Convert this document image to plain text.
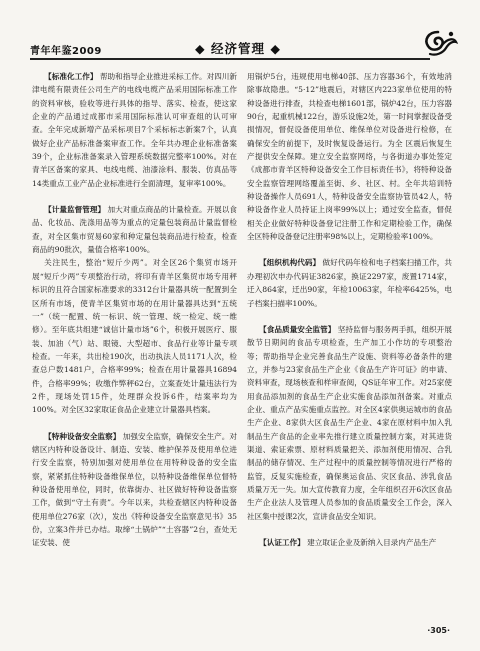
青年年鉴2009	◆ 经济管理 ◆

【标准化工作】 帮助和指导企业推进采标工作。对四川新津电缆有限责任公司生产的电线电缆产品采用国际标准工作的资料审核，验收等进行具体的指导、落实、检查，使这家企业的产品通过成都市采用国际标准认可审查组的认可审查。全年完成新增产品采标项目7个采标标志新案7个，认真做好企业产品标准备案审查工作。全年共办理企业标准备案39个，企业标准备案录入管理系统数据完整率100%。对在青羊区备案的家具、电线电缆、油漆涂料、服装、仿真品等14类重点工业产品企业标准进行全面清理，复审率100%。

【计量监督管理】 加大对重点商品的计量检查。开展以食品、化妆品、洗涤用品等为重点的定量包装商品计量监督检查，对全区集市贸易60家和种定量包装商品进行检查，检查商品的90批次，量值合格率100%。

关注民生，整治“短斤少两”。对全区26个集贸市场开展“短斤少两”专项整治行动，将印有青羊区集贸市场专用秤标识的且符合国家标准要求的3312台计量器具统一配置到全区所有市场，使青羊区集贸市场的在用计量器具达到“五统一”（统一配置、统一标识、统一管理、统一检定、统一维修）。至年底共组建“诚信计量市场”6个，积极开展医疗、服装、加油（气）站、眼镜、大型超市、食品行业等计量专项检查。一年来，共出检190次，出动执法人员1171人次，检查总户数1481户，合格率99%；检查在用计量器具16894件，合格率99%；收缴作弊秤62台，立案查处计量违法行为2件，现场处罚15件，处理群众投诉6件，结案率均为100%。对全区32家取证食品企业建立计量器具档案。

【特种设备安全监察】 加强安全监察，确保安全生产。对辖区内特种设备设计、制造、安装、维护保养及使用单位进行安全监察，特别加强对使用单位在用特种设备的安全监察，紧紧抓住特种设备维保单位，以特种设备维保单位督特种设备使用单位，同时，依靠街办、社区做好特种设备监察工作，做到“守土有责”。今年以来，共检查辖区内特种设备使用单位276家（次），发出《特种设备安全监察意见书》35份，立案3件并已办结。取缔“土锅炉”“土容器”2台，查处无证安装、使

用锅炉5台，违规使用电梯40部、压力容器36个，有效地消除事故隐患。“5·12”地震后，对辖区内223家单位使用的特种设备进行排查，共检查电梯1601部，锅炉42台，压力容器90台，起重机械122台，游乐设施2处，第一时间掌握设备受损情况，督促设备使用单位、维保单位对设备进行检修，在确保安全的前提下，及时恢复设备运行。为全 区震后恢复生产提供安全保障。建立安全监察网络，与各街道办事处签定《成都市青羊区特种设备安全工作目标责任书》，将特种设备安全监察管理网络覆盖至街、乡、社区、村。全年共培训特种设备操作人员691人，特种设备安全监察协管员42人，特种设备作业人员持证上岗率99%以上；通过安全监查，督促相关企业做好特种设备登记注册工作和定期检验工作，确保全区特种设备登记注册率98%以上，定期检验率100%。

【组织机构代码】 做好代码年检和电子档案扫描工作，共办理初次申办代码证3826家，换证2297家，废置1714家，迁入864家，迁出90家，年检10063家，年检率6425%，电子档案扫描率100%。

【食品质量安全监管】 坚持监督与服务两手抓，组织开展散节日期间的食品专项检查，生产加工小作坊的专项整治等；帮助指导企业完善食品生产设施、资料等必备条件的建立，并参与23家食品生产企业《食品生产许可证》的申请、资料审查，现场核查和样审查阅，QS证年审工作。对25家使用食品添加剂的食品生产企业实施食品添加剂备案。对重点企业、重点产品实施重点监控。对全区4家供奥运城市的食品生产企业、8家供大区食品生产企业、4家在原材料中加入乳制品生产食品的企业率先推行建立质量控制方案，对其进货渠道、索证索票、原材料质量把关、添加剂使用情况、合乳制品的储存情况、生产过程中的质量控制等情况进行严格的监管，反复实施检查，确保奥运食品、灾区食品、涉乳食品质量万无一失。加大宣传教育力度，全年组织召开6次区食品生产企业法人及管理人员参加的食品质量安全工作会，深入社区集中授课2次，宣讲食品安全知识。

【认证工作】 建立取证企业及新纳入目录内产品生产

·305·
